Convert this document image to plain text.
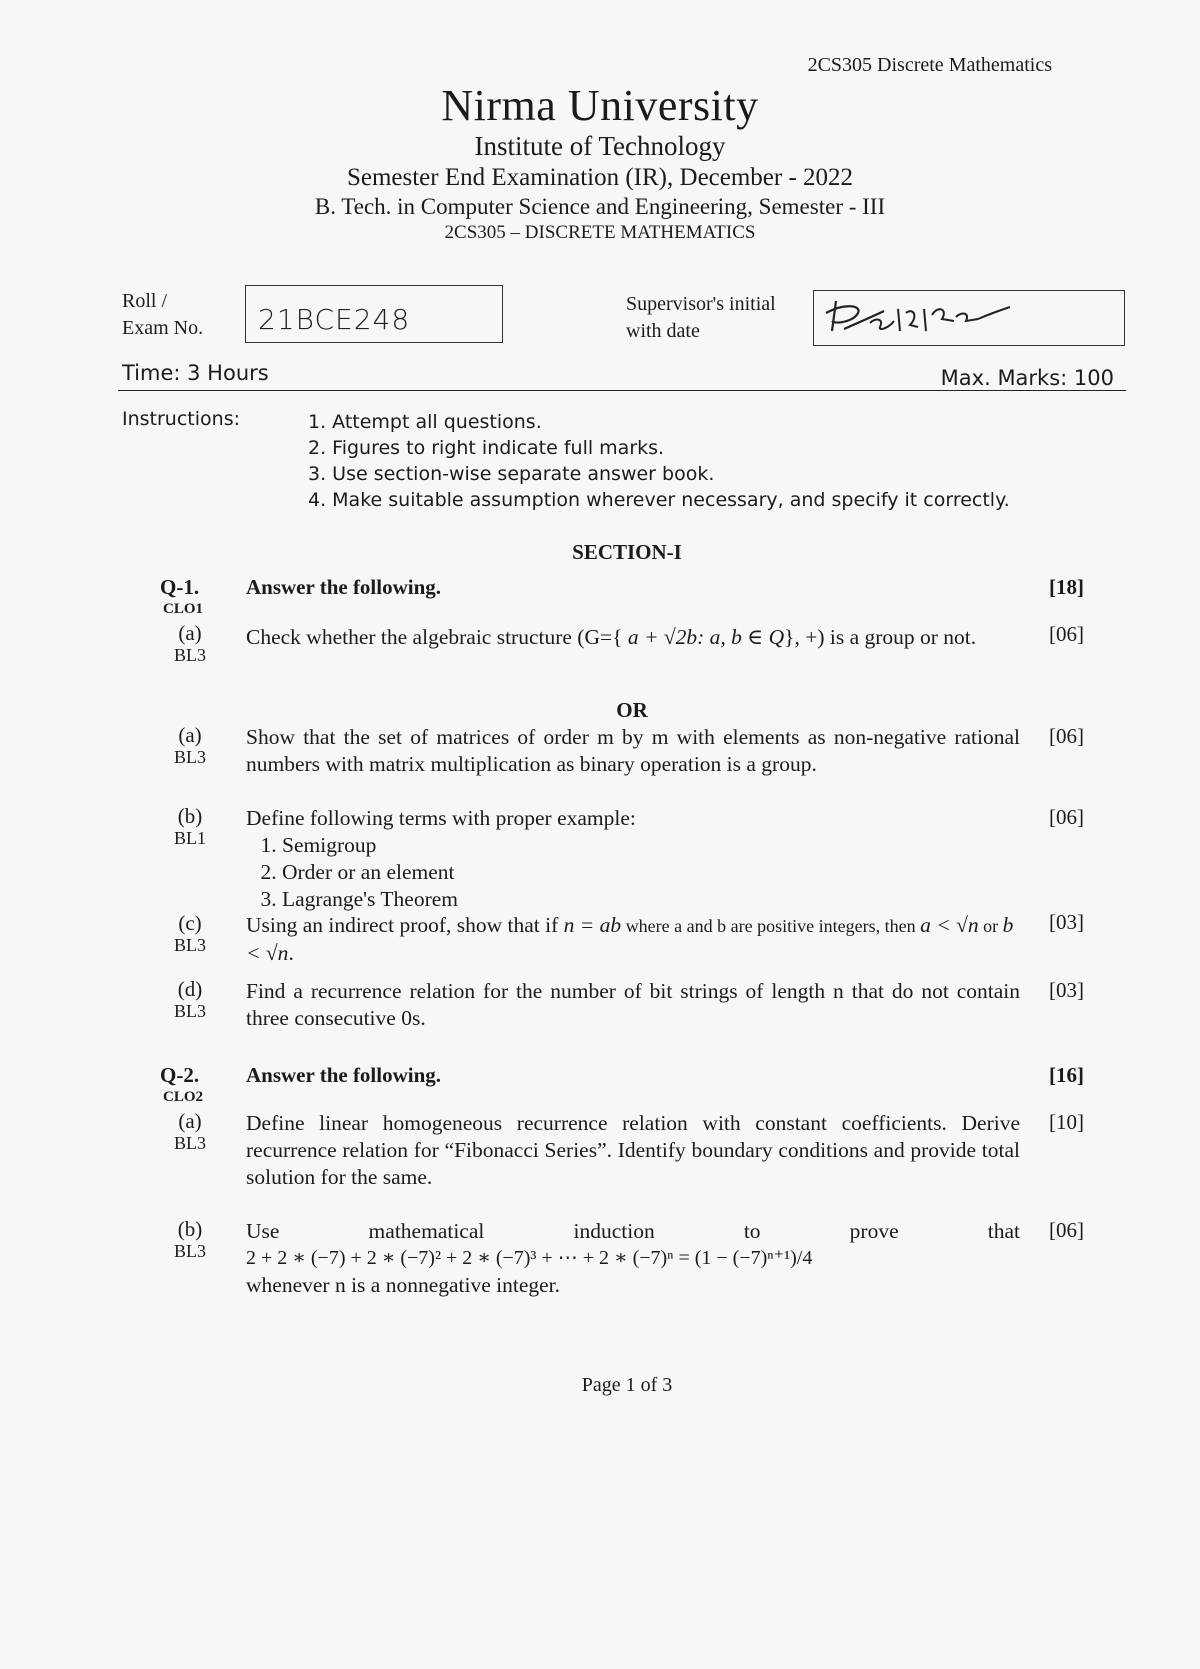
2CS305 Discrete Mathematics
Nirma University
Institute of Technology
Semester End Examination (IR), December - 2022
B. Tech. in Computer Science and Engineering, Semester - III
2CS305 – DISCRETE MATHEMATICS
Roll /
Exam No. 21BCE248	Supervisor's initial
with date
Time: 3 Hours	Max. Marks: 100
Instructions:	1. Attempt all questions.
2. Figures to right indicate full marks.
3. Use section-wise separate answer book.
4. Make suitable assumption wherever necessary, and specify it correctly.
SECTION-I
Q-1.
CLO1
Answer the following.	[18]
(a)
BL3
Check whether the algebraic structure (G={ a + √2b: a, b ∈ Q}, +) is a group or not.	[06]
OR
(a)
BL3
Show that the set of matrices of order m by m with elements as non-negative rational numbers with matrix multiplication as binary operation is a group.
[06]
(b)
BL1
Define following terms with proper example:
1. Semigroup
2. Order or an element
3. Lagrange's Theorem
[06]
(c)
BL3
Using an indirect proof, show that if n = ab where a and b are positive integers, then a < √n or b < √n.
[03]
(d)
BL3
Find a recurrence relation for the number of bit strings of length n that do not contain three consecutive 0s.
[03]
Q-2.
CLO2
Answer the following.	[16]
(a)
BL3
Define linear homogeneous recurrence relation with constant coefficients. Derive recurrence relation for “Fibonacci Series”. Identify boundary conditions and provide total solution for the same.
[10]
(b)
BL3
Use mathematical induction to prove that
2 + 2 ∗ (−7) + 2 ∗ (−7)² + 2 ∗ (−7)³ + ⋯ + 2 ∗ (−7)ⁿ = (1 − (−7)ⁿ⁺¹)/4
whenever n is a nonnegative integer.
[06]
Page 1 of 3
